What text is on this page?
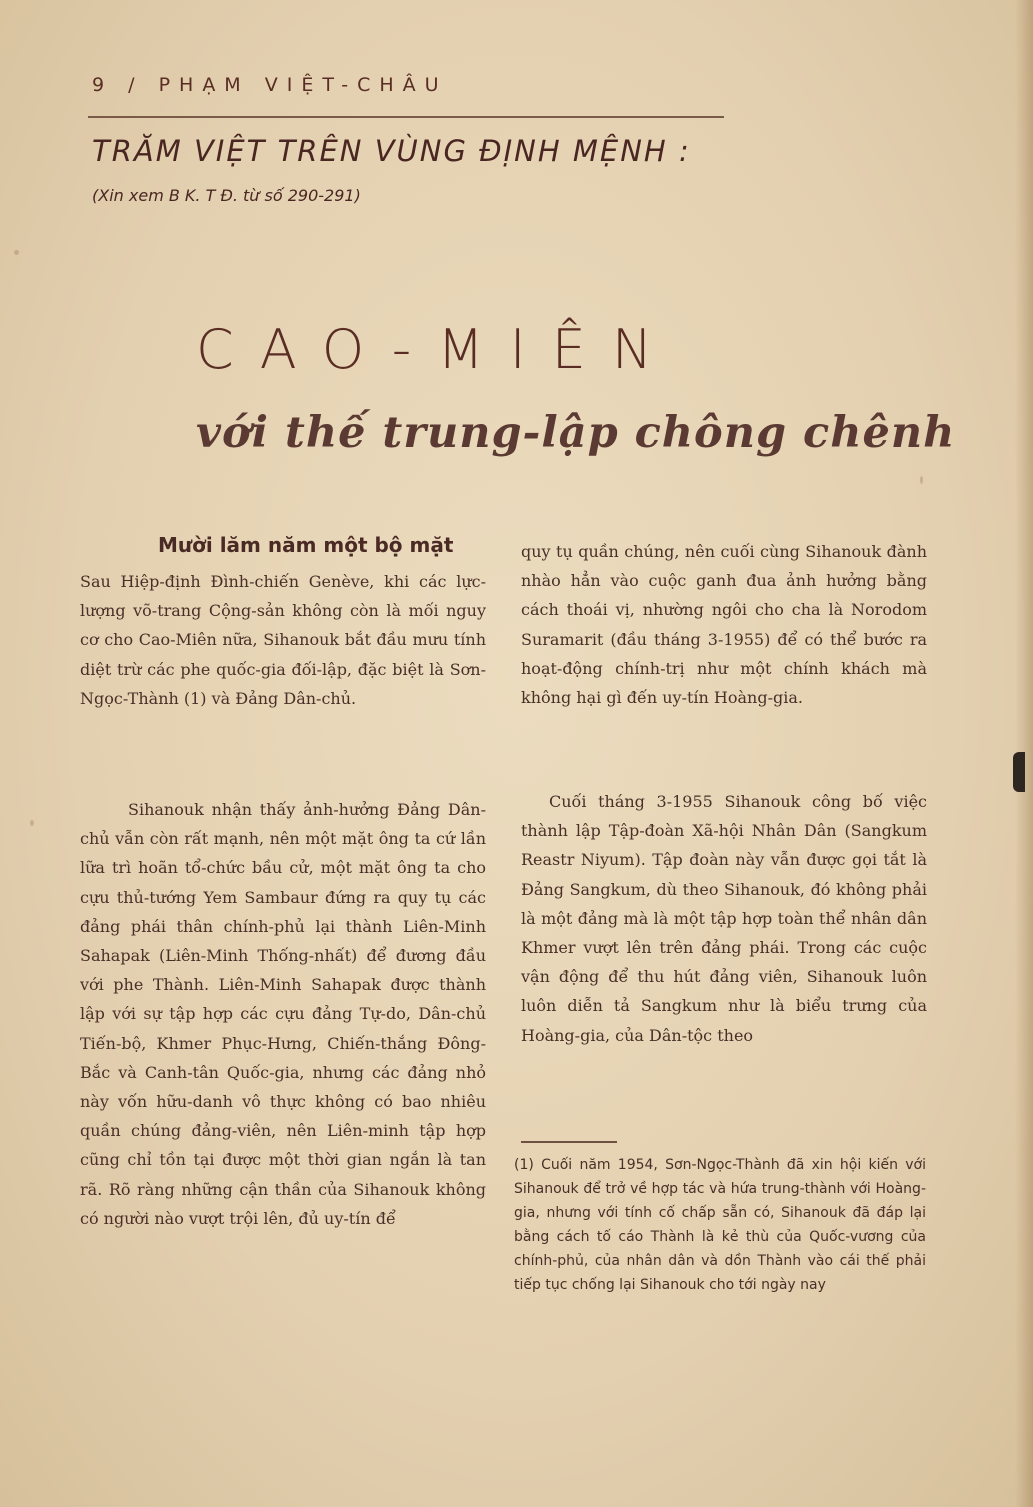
9 / PHẠM VIỆT-CHÂU
TRĂM VIỆT TRÊN VÙNG ĐỊNH MỆNH :
(Xin xem B K. T Đ. từ số 290-291)
CAO-MIÊN
với thế trung-lập chông chênh
Mười lăm năm một bộ mặt

Sau Hiệp-định Đình-chiến Genève, khi các lực-lượng võ-trang Cộng-sản không còn là mối nguy cơ cho Cao-Miên nữa, Sihanouk bắt đầu mưu tính diệt trừ các phe quốc-gia đối-lập, đặc biệt là Sơn-Ngọc-Thành (1) và Đảng Dân-chủ.

Sihanouk nhận thấy ảnh-hưởng Đảng Dân-chủ vẫn còn rất mạnh, nên một mặt ông ta cứ lần lữa trì hoãn tổ-chức bầu cử, một mặt ông ta cho cựu thủ-tướng Yem Sambaur đứng ra quy tụ các đảng phái thân chính-phủ lại thành Liên-Minh Sahapak (Liên-Minh Thống-nhất) để đương đầu với phe Thành. Liên-Minh Sahapak được thành lập với sự tập hợp các cựu đảng Tự-do, Dân-chủ Tiến-bộ, Khmer Phục-Hưng, Chiến-thắng Đông-Bắc và Canh-tân Quốc-gia, nhưng các đảng nhỏ này vốn hữu-danh vô thực không có bao nhiêu quần chúng đảng-viên, nên Liên-minh tập hợp cũng chỉ tồn tại được một thời gian ngắn là tan rã. Rõ ràng những cận thần của Sihanouk không có người nào vượt trội lên, đủ uy-tín để

quy tụ quần chúng, nên cuối cùng Sihanouk đành nhào hẳn vào cuộc ganh đua ảnh hưởng bằng cách thoái vị, nhường ngôi cho cha là Norodom Suramarit (đầu tháng 3-1955) để có thể bước ra hoạt-động chính-trị như một chính khách mà không hại gì đến uy-tín Hoàng-gia.

Cuối tháng 3-1955 Sihanouk công bố việc thành lập Tập-đoàn Xã-hội Nhân Dân (Sangkum Reastr Niyum). Tập đoàn này vẫn được gọi tắt là Đảng Sangkum, dù theo Sihanouk, đó không phải là một đảng mà là một tập hợp toàn thể nhân dân Khmer vượt lên trên đảng phái. Trong các cuộc vận động để thu hút đảng viên, Sihanouk luôn luôn diễn tả Sangkum như là biểu trưng của Hoàng-gia, của Dân-tộc theo

(1) Cuối năm 1954, Sơn-Ngọc-Thành đã xin hội kiến với Sihanouk để trở về hợp tác và hứa trung-thành với Hoàng-gia, nhưng với tính cố chấp sẵn có, Sihanouk đã đáp lại bằng cách tố cáo Thành là kẻ thù của Quốc-vương của chính-phủ, của nhân dân và dồn Thành vào cái thế phải tiếp tục chống lại Sihanouk cho tới ngày nay
